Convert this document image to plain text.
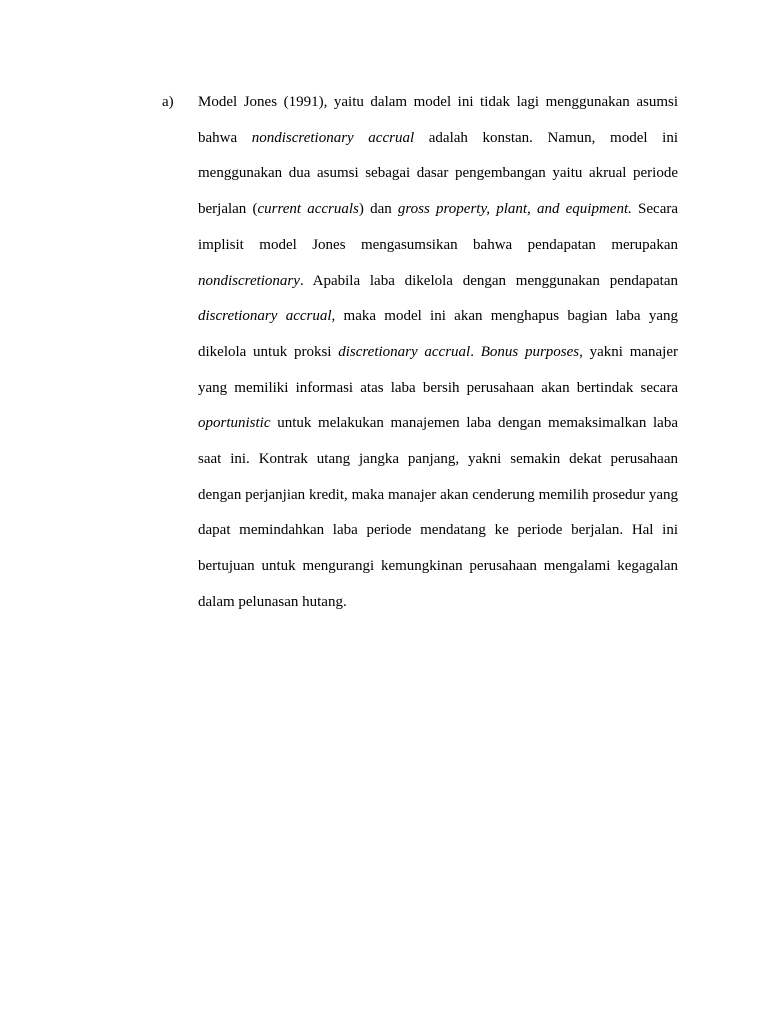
a) Model Jones (1991), yaitu dalam model ini tidak lagi menggunakan asumsi bahwa nondiscretionary accrual adalah konstan. Namun, model ini menggunakan dua asumsi sebagai dasar pengembangan yaitu akrual periode berjalan (current accruals) dan gross property, plant, and equipment. Secara implisit model Jones mengasumsikan bahwa pendapatan merupakan nondiscretionary. Apabila laba dikelola dengan menggunakan pendapatan discretionary accrual, maka model ini akan menghapus bagian laba yang dikelola untuk proksi discretionary accrual. Bonus purposes, yakni manajer yang memiliki informasi atas laba bersih perusahaan akan bertindak secara oportunistic untuk melakukan manajemen laba dengan memaksimalkan laba saat ini. Kontrak utang jangka panjang, yakni semakin dekat perusahaan dengan perjanjian kredit, maka manajer akan cenderung memilih prosedur yang dapat memindahkan laba periode mendatang ke periode berjalan. Hal ini bertujuan untuk mengurangi kemungkinan perusahaan mengalami kegagalan dalam pelunasan hutang.
